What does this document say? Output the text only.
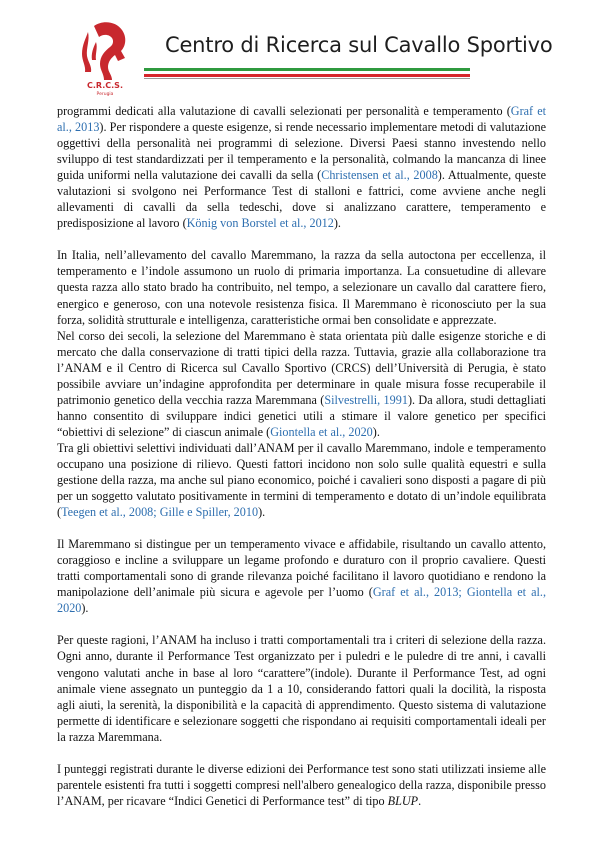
C.R.C.S.
Perugia
Centro di Ricerca sul Cavallo Sportivo

programmi dedicati alla valutazione di cavalli selezionati per personalità e temperamento (Graf et al., 2013). Per rispondere a queste esigenze, si rende necessario implementare metodi di valutazione oggettivi della personalità nei programmi di selezione. Diversi Paesi stanno investendo nello sviluppo di test standardizzati per il temperamento e la personalità, colmando la mancanza di linee guida uniformi nella valutazione dei cavalli da sella (Christensen et al., 2008). Attualmente, queste valutazioni si svolgono nei Performance Test di stalloni e fattrici, come avviene anche negli allevamenti di cavalli da sella tedeschi, dove si analizzano carattere, temperamento e predisposizione al lavoro (König von Borstel et al., 2012).

In Italia, nell’allevamento del cavallo Maremmano, la razza da sella autoctona per eccellenza, il temperamento e l’indole assumono un ruolo di primaria importanza. La consuetudine di allevare questa razza allo stato brado ha contribuito, nel tempo, a selezionare un cavallo dal carattere fiero, energico e generoso, con una notevole resistenza fisica. Il Maremmano è riconosciuto per la sua forza, solidità strutturale e intelligenza, caratteristiche ormai ben consolidate e apprezzate.

Nel corso dei secoli, la selezione del Maremmano è stata orientata più dalle esigenze storiche e di mercato che dalla conservazione di tratti tipici della razza. Tuttavia, grazie alla collaborazione tra l’ANAM e il Centro di Ricerca sul Cavallo Sportivo (CRCS) dell’Università di Perugia, è stato possibile avviare un’indagine approfondita per determinare in quale misura fosse recuperabile il patrimonio genetico della vecchia razza Maremmana (Silvestrelli, 1991). Da allora, studi dettagliati hanno consentito di sviluppare indici genetici utili a stimare il valore genetico per specifici “obiettivi di selezione” di ciascun animale (Giontella et al., 2020).

Tra gli obiettivi selettivi individuati dall’ANAM per il cavallo Maremmano, indole e temperamento occupano una posizione di rilievo. Questi fattori incidono non solo sulle qualità equestri e sulla gestione della razza, ma anche sul piano economico, poiché i cavalieri sono disposti a pagare di più per un soggetto valutato positivamente in termini di temperamento e dotato di un’indole equilibrata (Teegen et al., 2008; Gille e Spiller, 2010).

Il Maremmano si distingue per un temperamento vivace e affidabile, risultando un cavallo attento, coraggioso e incline a sviluppare un legame profondo e duraturo con il proprio cavaliere. Questi tratti comportamentali sono di grande rilevanza poiché facilitano il lavoro quotidiano e rendono la manipolazione dell’animale più sicura e agevole per l’uomo (Graf et al., 2013; Giontella et al., 2020).

Per queste ragioni, l’ANAM ha incluso i tratti comportamentali tra i criteri di selezione della razza. Ogni anno, durante il Performance Test organizzato per i puledri e le puledre di tre anni, i cavalli vengono valutati anche in base al loro “carattere”(indole). Durante il Performance Test, ad ogni animale viene assegnato un punteggio da 1 a 10, considerando fattori quali la docilità, la risposta agli aiuti, la serenità, la disponibilità e la capacità di apprendimento. Questo sistema di valutazione permette di identificare e selezionare soggetti che rispondano ai requisiti comportamentali ideali per la razza Maremmana.

I punteggi registrati durante le diverse edizioni dei Performance test sono stati utilizzati insieme alle parentele esistenti fra tutti i soggetti compresi nell'albero genealogico della razza, disponibile presso l’ANAM, per ricavare “Indici Genetici di Performance test” di tipo BLUP.
